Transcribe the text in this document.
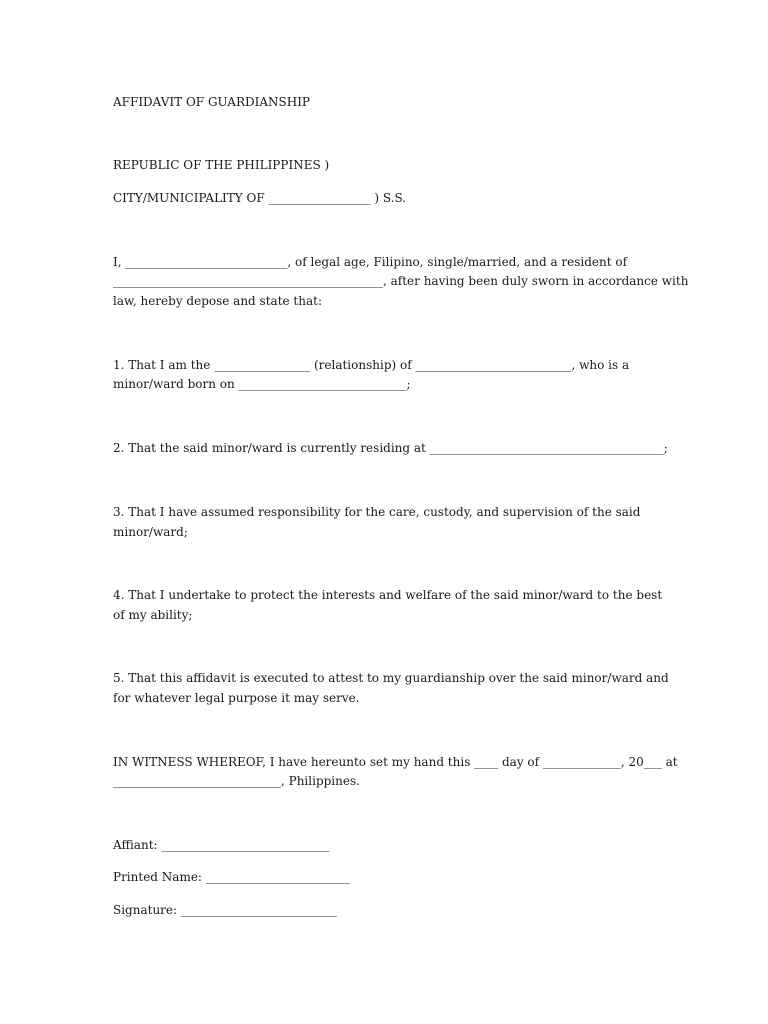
AFFIDAVIT OF GUARDIANSHIP
REPUBLIC OF THE PHILIPPINES )
CITY/MUNICIPALITY OF _________________ ) S.S.
I, ___________________________, of legal age, Filipino, single/married, and a resident of
_____________________________________________, after having been duly sworn in accordance with
law, hereby depose and state that:
1. That I am the ________________ (relationship) of __________________________, who is a
minor/ward born on ____________________________;
2. That the said minor/ward is currently residing at _______________________________________;
3. That I have assumed responsibility for the care, custody, and supervision of the said
minor/ward;
4. That I undertake to protect the interests and welfare of the said minor/ward to the best
of my ability;
5. That this affidavit is executed to attest to my guardianship over the said minor/ward and
for whatever legal purpose it may serve.
IN WITNESS WHEREOF, I have hereunto set my hand this ____ day of _____________, 20___ at
____________________________, Philippines.
Affiant: ____________________________
Printed Name: ________________________
Signature: __________________________
